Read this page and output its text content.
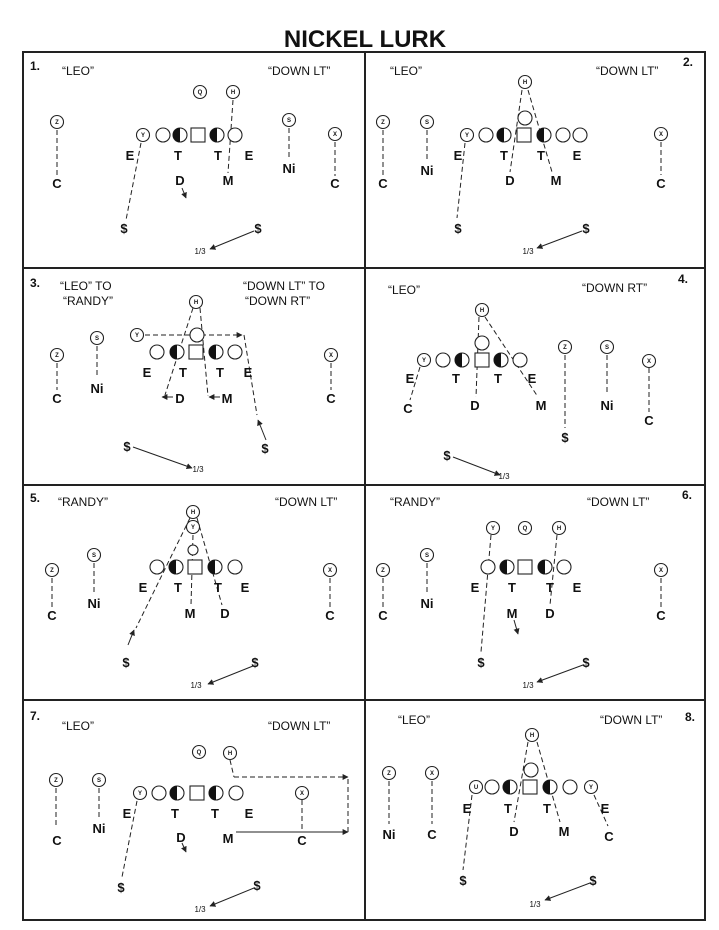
NICKEL LURK
1. “LEO”	“DOWN LT”
Q	H
Z	S
X
Y
E	T T E
Ni
C	D	M	C
$	$
1/3
2.
“LEO”	“DOWN LT”
H
Z	S
X
Y
E	T T E
Ni
C	D	M	C
$	$
1/3
3. “LEO” TO
“RANDY”
“DOWN LT” TO
“DOWN RT”
H
Y
Z
S
X
E T T E
Ni
C	D	M	C
$	$
1/3
4.
“LEO”	“DOWN RT”
H
Z	S
X
Y
E	T	T E
Ni
C	D	M
C
$
$
1/3
5. “RANDY”	“DOWN LT”
H
Y
Z
S
X
E T T E
Ni
C	M D	C
$	$
1/3
6.
“RANDY”	“DOWN LT”
Y	Q	H
Z
S
X
E T T E
Ni
C	M D	C
$	$
1/3
7.
“LEO”	“DOWN LT”
Q	H
Z	S
X
Y
E	T T E
Ni
C	D	M	C
$	$
1/3
8.
“LEO”	“DOWN LT”
H
Z	X
U	Y
E	T T	E
C
Ni	D	M	C
$	$
1/3
